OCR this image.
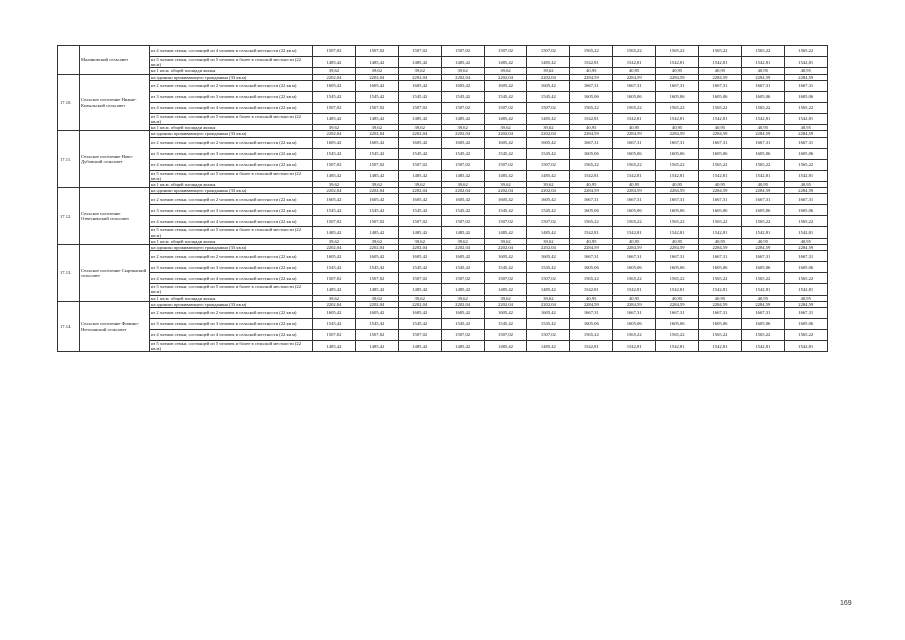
	Малиновский сельсовет	из 4 членов семьи, состоящей из 4 человек в сельской местности (22 кв.м)	1507,02	1507,02	1507,02	1507,02	1507,02	1507,02	1565,22	1565,22	1565,22	1565,22	1565,22	1565,22
		из 5 членов семьи, состоящей из 5 человек и более в сельской местности (22 кв.м)	1485,42	1485,42	1485,42	1485,42	1485,42	1485,42	1542,81	1542,81	1542,81	1542,81	1542,81	1542,81
		на 1 кв.м. общей площади жилья	39,62	39,62	39,62	39,62	39,62	39,62	40,95	40,95	40,95	40,95	40,95	40,95
17.10.	Сельское поселение Нижне-Кизыльский сельсовет	на одиноко проживающего гражданина (33 кв.м)	2202,04	2202,04	2202,04	2202,04	2202,04	2202,04	2284,59	2284,59	2284,59	2284,59	2284,59	2284,59
		из 2 членов семьи, состоящей из 2 человек в сельской местности (22 кв.м)	1605,42	1605,42	1605,42	1605,42	1605,42	1605,42	1667,31	1667,31	1667,31	1667,31	1667,31	1667,31
		из 3 членов семьи, состоящей из 3 человек в сельской местности (22 кв.м)	1545,42	1545,42	1545,42	1545,42	1545,42	1545,42	1605,06	1605,06	1605,06	1605,06	1605,06	1605,06
		из 4 членов семьи, состоящей из 4 человек в сельской местности (22 кв.м)	1507,02	1507,02	1507,02	1507,02	1507,02	1507,02	1565,22	1565,22	1565,22	1565,22	1565,22	1565,22
		из 5 членов семьи, состоящей из 5 человек и более в сельской местности (22 кв.м)	1485,42	1485,42	1485,42	1485,42	1485,42	1485,42	1542,81	1542,81	1542,81	1542,81	1542,81	1542,81
		на 1 кв.м. общей площади жилья	39,62	39,62	39,62	39,62	39,62	39,62	40,95	40,95	40,95	40,95	40,95	40,95
17.11.	Сельское поселение Ново-Дубовский сельсовет	на одиноко проживающего гражданина (33 кв.м)	2202,04	2202,04	2202,04	2202,04	2202,04	2202,04	2284,59	2284,59	2284,59	2284,59	2284,59	2284,59
		из 2 членов семьи, состоящей из 2 человек в сельской местности (22 кв.м)	1605,42	1605,42	1605,42	1605,42	1605,42	1605,42	1667,31	1667,31	1667,31	1667,31	1667,31	1667,31
		из 3 членов семьи, состоящей из 3 человек в сельской местности (22 кв.м)	1545,42	1545,42	1545,42	1545,42	1545,42	1545,42	1605,06	1605,06	1605,06	1605,06	1605,06	1605,06
		из 4 членов семьи, состоящей из 4 человек в сельской местности (22 кв.м)	1507,02	1507,02	1507,02	1507,02	1507,02	1507,02	1565,22	1565,22	1565,22	1565,22	1565,22	1565,22
		из 5 членов семьи, состоящей из 5 человек и более в сельской местности (22 кв.м)	1485,42	1485,42	1485,42	1485,42	1485,42	1485,42	1542,81	1542,81	1542,81	1542,81	1542,81	1542,81
		на 1 кв.м. общей площади жилья	39,62	39,62	39,62	39,62	39,62	39,62	40,95	40,95	40,95	40,95	40,95	40,95
17.12.	Сельское поселение Отвесненский сельсовет	на одиноко проживающего гражданина (33 кв.м)	2202,04	2202,04	2202,04	2202,04	2202,04	2202,04	2284,59	2284,59	2284,59	2284,59	2284,59	2284,59
		из 2 членов семьи, состоящей из 2 человек в сельской местности (22 кв.м)	1605,42	1605,42	1605,42	1605,42	1605,42	1605,42	1667,31	1667,31	1667,31	1667,31	1667,31	1667,31
		из 3 членов семьи, состоящей из 3 человек в сельской местности (22 кв.м)	1545,42	1545,42	1545,42	1545,42	1545,42	1545,42	1605,06	1605,06	1605,06	1605,06	1605,06	1605,06
		из 4 членов семьи, состоящей из 4 человек в сельской местности (22 кв.м)	1507,02	1507,02	1507,02	1507,02	1507,02	1507,02	1565,22	1565,22	1565,22	1565,22	1565,22	1565,22
		из 5 членов семьи, состоящей из 5 человек и более в сельской местности (22 кв.м)	1485,42	1485,42	1485,42	1485,42	1485,42	1485,42	1542,81	1542,81	1542,81	1542,81	1542,81	1542,81
		на 1 кв.м. общей площади жилья	39,62	39,62	39,62	39,62	39,62	39,62	40,95	40,95	40,95	40,95	40,95	40,95
17.13.	Сельское поселение Сыртинский сельсовет	на одиноко проживающего гражданина (33 кв.м)	2202,04	2202,04	2202,04	2202,04	2202,04	2202,04	2284,59	2284,59	2284,59	2284,59	2284,59	2284,59
		из 2 членов семьи, состоящей из 2 человек в сельской местности (22 кв.м)	1605,42	1605,42	1605,42	1605,42	1605,42	1605,42	1667,31	1667,31	1667,31	1667,31	1667,31	1667,31
		из 3 членов семьи, состоящей из 3 человек в сельской местности (22 кв.м)	1545,42	1545,42	1545,42	1545,42	1545,42	1545,42	1605,06	1605,06	1605,06	1605,06	1605,06	1605,06
		из 4 членов семьи, состоящей из 4 человек в сельской местности (22 кв.м)	1507,02	1507,02	1507,02	1507,02	1507,02	1507,02	1565,22	1565,22	1565,22	1565,22	1565,22	1565,22
		из 5 членов семьи, состоящей из 5 человек и более в сельской местности (22 кв.м)	1485,42	1485,42	1485,42	1485,42	1485,42	1485,42	1542,81	1542,81	1542,81	1542,81	1542,81	1542,81
		на 1 кв.м. общей площади жилья	39,62	39,62	39,62	39,62	39,62	39,62	40,95	40,95	40,95	40,95	40,95	40,95
17.14.	Сельское поселение Фомино-Негочанский сельсовет	на одиноко проживающего гражданина (33 кв.м)	2202,04	2202,04	2202,04	2202,04	2202,04	2202,04	2284,59	2284,59	2284,59	2284,59	2284,59	2284,59
		из 2 членов семьи, состоящей из 2 человек в сельской местности (22 кв.м)	1605,42	1605,42	1605,42	1605,42	1605,42	1605,42	1667,31	1667,31	1667,31	1667,31	1667,31	1667,31
		из 3 членов семьи, состоящей из 3 человек в сельской местности (22 кв.м)	1545,42	1545,42	1545,42	1545,42	1545,42	1545,42	1605,06	1605,06	1605,06	1605,06	1605,06	1605,06
		из 4 членов семьи, состоящей из 4 человек в сельской местности (22 кв.м)	1507,02	1507,02	1507,02	1507,02	1507,02	1507,02	1565,22	1565,22	1565,22	1565,22	1565,22	1565,22
		из 5 членов семьи, состоящей из 5 человек и более в сельской местности (22 кв.м)	1485,42	1485,42	1485,42	1485,42	1485,42	1485,42	1542,81	1542,81	1542,81	1542,81	1542,81	1542,81
169
